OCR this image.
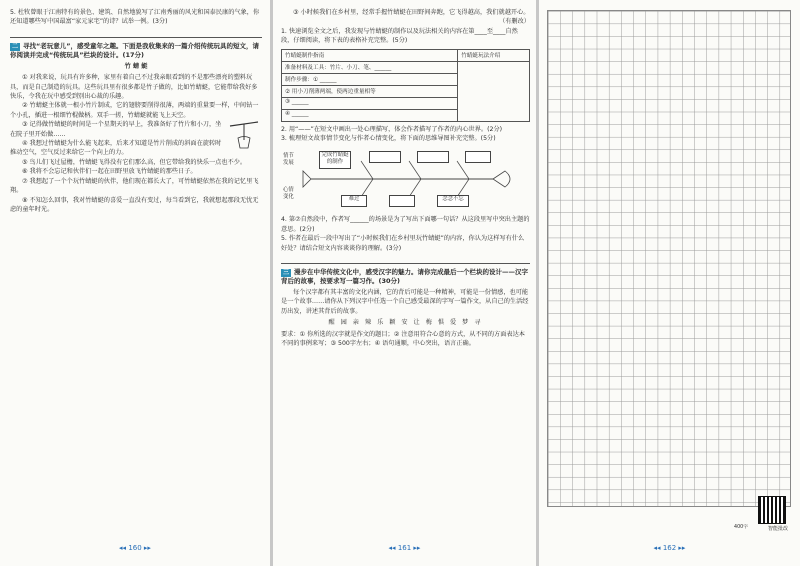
5. 杜牧曾眼于江南特有的景色、建筑、自然地貌写了江南秀丽的风光和国泰民康的气象，你还知道哪些写中国最富“家元家宅”的诗？试举一例。(3分)

二 寻找“老玩意儿”，感受童年之趣。下面是我收集来的一篇介绍传统玩具的短文，请你阅读并完成“传统玩具”栏块的设计。(17分)

竹 蜻 蜓

① 对我来说，玩具有许多种，家里有着自己不过我亲眼看到的不是那些漂亮的塑料玩具，而是自己制造的玩具。这些玩具里有很多都是竹子做的，比如竹蜻蜓，它能带给我好多快乐，令我在玩中感受到别出心裁的乐趣。

② 竹蜻蜓主体就一根小竹片制成，它的翅膀要削得很薄，两端的重量要一样，中间钻一个小孔，插进一根细竹棍做柄。双手一搓，竹蜻蜓就能飞上天空。

③ 记得做竹蜻蜓的时间是一个星期天的早上，我准备好了竹片和小刀，坐在院子里开始做……

④ 我想过竹蜻蜓为什么能飞起来，后来才知道是竹片削成的斜面在旋转时推动空气，空气反过来给它一个向上的力。

⑤ 鸟儿们飞过屋檐，竹蜻蜓飞得没有它们那么高，但它带给我的快乐一点也不少。

⑥ 我将不会忘记和伙伴们一起在田野里放飞竹蜻蜓的那些日子。

⑦ 我想起了一个个玩竹蜻蜓的伙伴，他们现在都长大了，可竹蜻蜓依然在我的记忆里飞翔。

⑧ 不知怎么回事，我对竹蜻蜓的喜爱一直没有变过，每当看到它，我就想起那段无忧无虑的童年时光。

◂◂ 160 ▸▸

③ 小时候我们在乡村里，经常手握竹蜻蜓在田野间奔跑，它飞得越高，我们就越开心。

（有删改）

1. 快速浏览全文之后，我发现与竹蜻蜓的制作以及玩法相关的内容在第____至____自然段，仔细阅读，将下表的表格补充完整。(5分)

竹蜻蜓制作指南	竹蜻蜓玩法介绍
准备材料及工具：竹片、小刀、笔、______	
制作步骤：① ______	
② 用小刀削薄两端，使两边重量相等	
③ ______	
④ ______	

2. 用“——”在短文中画出一处心理描写，体会作者描写了作者的内心世界。(2分)

3. 梳理短文故事情节变化与作者心情变化，将下面的思维导图补充完整。(5分)

情节发展
心情变化
完成竹蜻蜓的制作
难过	念念不忘

4. 第⑦自然段中，作者写______的场景是为了写出下面哪一句话？从这段里写中突出主题的意思。(2分)

5. 作者在最后一段中写出了“小时候我们在乡村里玩竹蜻蜓”的内容，你认为这样写有什么好处？请结合短文内容谈谈你的理解。(3分)

三 漫步在中华传统文化中，感受汉字的魅力。请你完成最后一个栏块的设计——汉字背后的故事，按要求写一篇习作。(30分)

每个汉字都有其丰富的文化内涵，它的背后可能是一种精神，可能是一份情感，也可能是一个故事……请你从下列汉字中任选一个自己感受最深的字写一篇作文，从自己的生活经历出发，讲述其背后的故事。

醒 园 亲 辣 乐 颖 安 让 梅 惧 爱 梦 寻

要求：① 你所选的汉字就是作文的题目；② 注意用符合心意的方式，从不同的方面表达本不同的事例来写；③ 500字左右；④ 语句通顺，中心突出，语言正确。

◂◂ 161 ▸▸
400字	智能批改
◂◂ 162 ▸▸
